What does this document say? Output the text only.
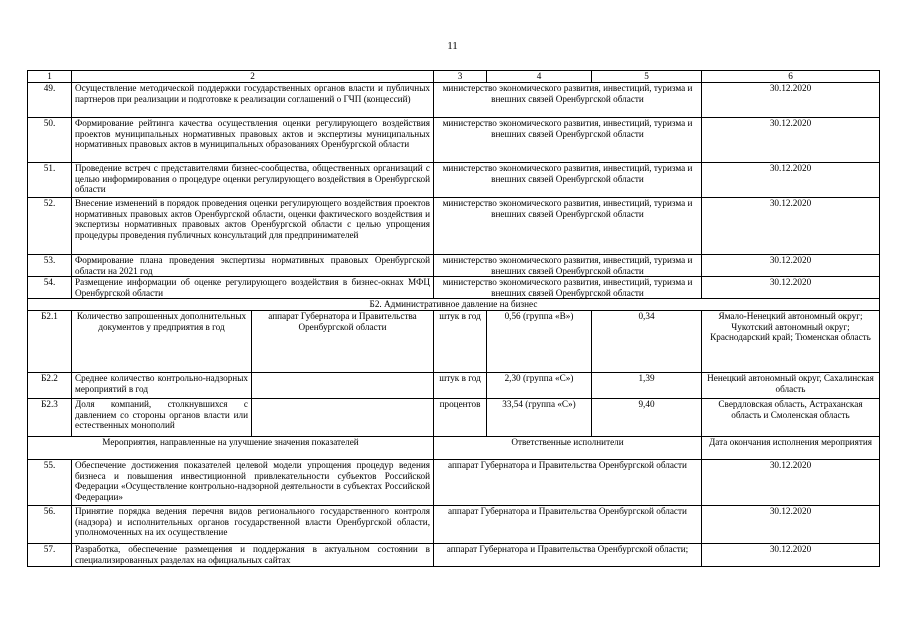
11
1	2		3	4	5	6
49.	Осуществление методической поддержки государственных органов власти и публичных партнеров при реализации и подготовке к реализации соглашений о ГЧП (концессий)		министерство экономического развития, инвестиций, туризма и внешних связей Оренбургской области			30.12.2020
50.	Формирование рейтинга качества осуществления оценки регулирующего воздействия проектов муниципальных нормативных правовых актов и экспертизы муниципальных нормативных правовых актов в муниципальных образованиях Оренбургской области		министерство экономического развития, инвестиций, туризма и внешних связей Оренбургской области			30.12.2020
51.	Проведение встреч с представителями бизнес-сообщества, общественных организаций с целью информирования о процедуре оценки регулирующего воздействия в Оренбургской области		министерство экономического развития, инвестиций, туризма и внешних связей Оренбургской области			30.12.2020
52.	Внесение изменений в порядок проведения оценки регулирующего воздействия проектов нормативных правовых актов Оренбургской области, оценки фактического воздействия и экспертизы нормативных правовых актов Оренбургской области с целью упрощения процедуры проведения публичных консультаций для предпринимателей		министерство экономического развития, инвестиций, туризма и внешних связей Оренбургской области			30.12.2020
53.	Формирование плана проведения экспертизы нормативных правовых Оренбургской области на 2021 год		министерство экономического развития, инвестиций, туризма и внешних связей Оренбургской области			30.12.2020
54.	Размещение информации об оценке регулирующего воздействия в бизнес-окнах МФЦ Оренбургской области		министерство экономического развития, инвестиций, туризма и внешних связей Оренбургской области			30.12.2020
Б2. Административное давление на бизнес						
Б2.1	Количество запрошенных дополнительных документов у предприятия в год	аппарат Губернатора и Правительства Оренбургской области	штук в год	0,56 (группа «В»)	0,34	Ямало-Ненецкий автономный округ; Чукотский автономный округ; Краснодарский край; Тюменская область
Б2.2	Среднее количество контрольно-надзорных мероприятий в год		штук в год	2,30 (группа «С»)	1,39	Ненецкий автономный округ, Сахалинская область
Б2.3	Доля компаний, столкнувшихся с давлением со стороны органов власти или естественных монополий		процентов	33,54 (группа «С»)	9,40	Свердловская область, Астраханская область и Смоленская область
Мероприятия, направленные на улучшение значения показателей			Ответственные исполнители			Дата окончания исполнения мероприятия
55.	Обеспечение достижения показателей целевой модели упрощения процедур ведения бизнеса и повышения инвестиционной привлекательности субъектов Российской Федерации «Осуществление контрольно-надзорной деятельности в субъектах Российской Федерации»		аппарат Губернатора и Правительства Оренбургской области			30.12.2020
56.	Принятие порядка ведения перечня видов регионального государственного контроля (надзора) и исполнительных органов государственной власти Оренбургской области, уполномоченных на их осуществление		аппарат Губернатора и Правительства Оренбургской области			30.12.2020
57.	Разработка, обеспечение размещения и поддержания в актуальном состоянии в специализированных разделах на официальных сайтах		аппарат Губернатора и Правительства Оренбургской области;			30.12.2020
